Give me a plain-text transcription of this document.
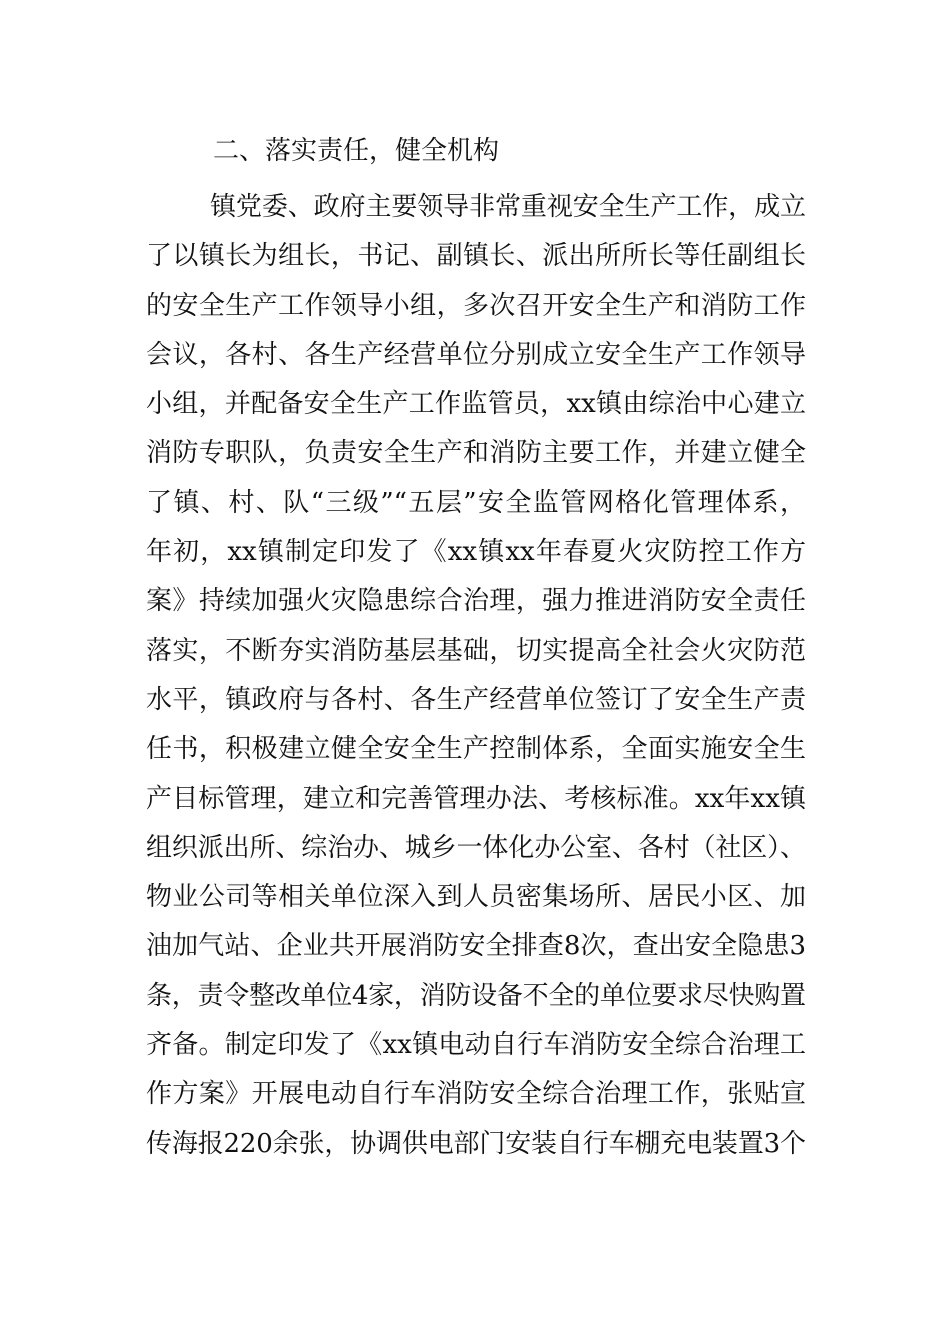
二、落实责任，健全机构
镇党委、政府主要领导非常重视安全生产工作，成立
了以镇长为组长，书记、副镇长、派出所所长等任副组长
的安全生产工作领导小组，多次召开安全生产和消防工作
会议，各村、各生产经营单位分别成立安全生产工作领导
小组，并配备安全生产工作监管员，xx镇由综治中心建立
消防专职队，负责安全生产和消防主要工作，并建立健全
了镇、村、队“三级”“五层”安全监管网格化管理体系，
年初，xx镇制定印发了《xx镇xx年春夏火灾防控工作方
案》持续加强火灾隐患综合治理，强力推进消防安全责任
落实，不断夯实消防基层基础，切实提高全社会火灾防范
水平，镇政府与各村、各生产经营单位签订了安全生产责
任书，积极建立健全安全生产控制体系，全面实施安全生
产目标管理，建立和完善管理办法、考核标准。xx年xx镇
组织派出所、综治办、城乡一体化办公室、各村（社区）、
物业公司等相关单位深入到人员密集场所、居民小区、加
油加气站、企业共开展消防安全排查8次，查出安全隐患3
条，责令整改单位4家，消防设备不全的单位要求尽快购置
齐备。制定印发了《xx镇电动自行车消防安全综合治理工
作方案》开展电动自行车消防安全综合治理工作，张贴宣
传海报220余张，协调供电部门安装自行车棚充电装置3个
